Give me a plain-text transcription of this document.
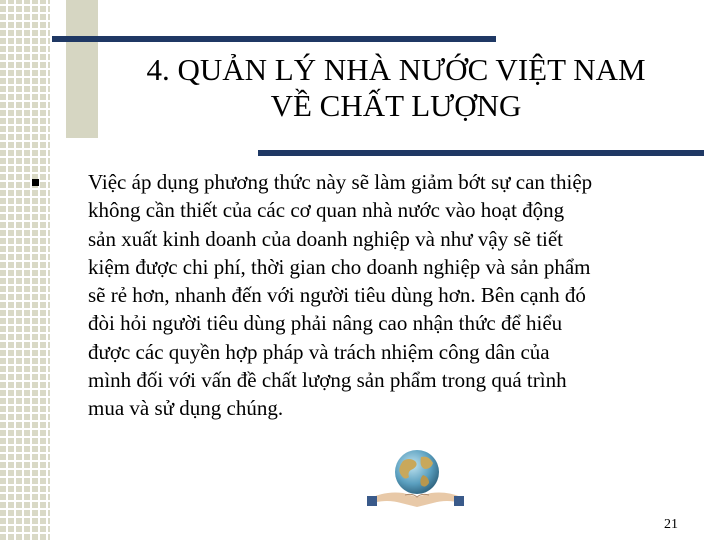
4. QUẢN LÝ NHÀ NƯỚC VIỆT NAM
VỀ CHẤT LƯỢNG

Việc áp dụng phương thức này sẽ làm giảm bớt sự can thiệp
không cần thiết của các cơ quan nhà nước vào hoạt động
sản xuất kinh doanh của doanh nghiệp và như vậy sẽ tiết
kiệm được chi phí, thời gian cho doanh nghiệp và sản phẩm
sẽ rẻ hơn, nhanh đến với người tiêu dùng hơn. Bên cạnh đó
đòi hỏi người tiêu dùng phải nâng cao nhận thức để hiểu
được các quyền hợp pháp và trách nhiệm công dân của
mình đối với vấn đề chất lượng sản phẩm trong quá trình
mua và sử dụng chúng.

21
